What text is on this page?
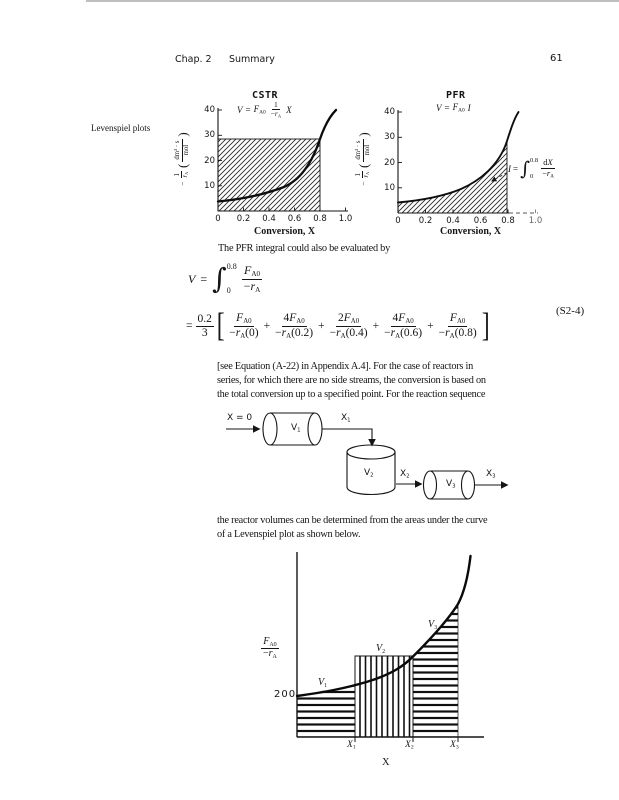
Chap. 2 Summary	61
Levenspiel plots
CSTR
$V = F_{A0} \frac{1}{-r_A}$ X
40
30
20
10
0	0.2	0.4	0.6	0.8	1.0
Conversion, X
−
1 $r_A$
(
dm³ · s mol
)
PFR
$V = F_{A0}$ I
40
30
20
10
0	0.2	0.4	0.6	0.8	1.0
Conversion, X
−
1 $r_A$
(
dm³ · s mol
)
I = ∫ 0.8
$0 \frac{dX}{-r_A}$
The PFR integral could also be evaluated by
V = ∫ 0.8
$0 \frac{F_{A0}}{-r_A}$
= $\frac{0.2}{3}$ [ $\frac{F_{A0}}{-r_A(0)} + \frac{4F_{A0}}{-r_A(0.2)} + \frac{2F_{A0}}{-r_A(0.4)} + \frac{4F_{A0}}{-r_A(0.6)} + \frac{F_{A0}}{-r_A(0.8)}$ ]	(S2-4)
[see Equation (A-22) in Appendix A.4]. For the case of reactors in
series, for which there are no side streams, the conversion is based on
the total conversion up to a specified point. For the reaction sequence
X = 0
$V_1$
$X_1$
$V_2$	$X_2$
$V_3$
$X_3$
the reactor volumes can be determined from the areas under the curve
of a Levenspiel plot as shown below.
$\frac{F_{A0}}{-r_A}$
200
$V_1$
$V_2$
$V_3$
$X_1$	$X_2$	$X_3$
X
